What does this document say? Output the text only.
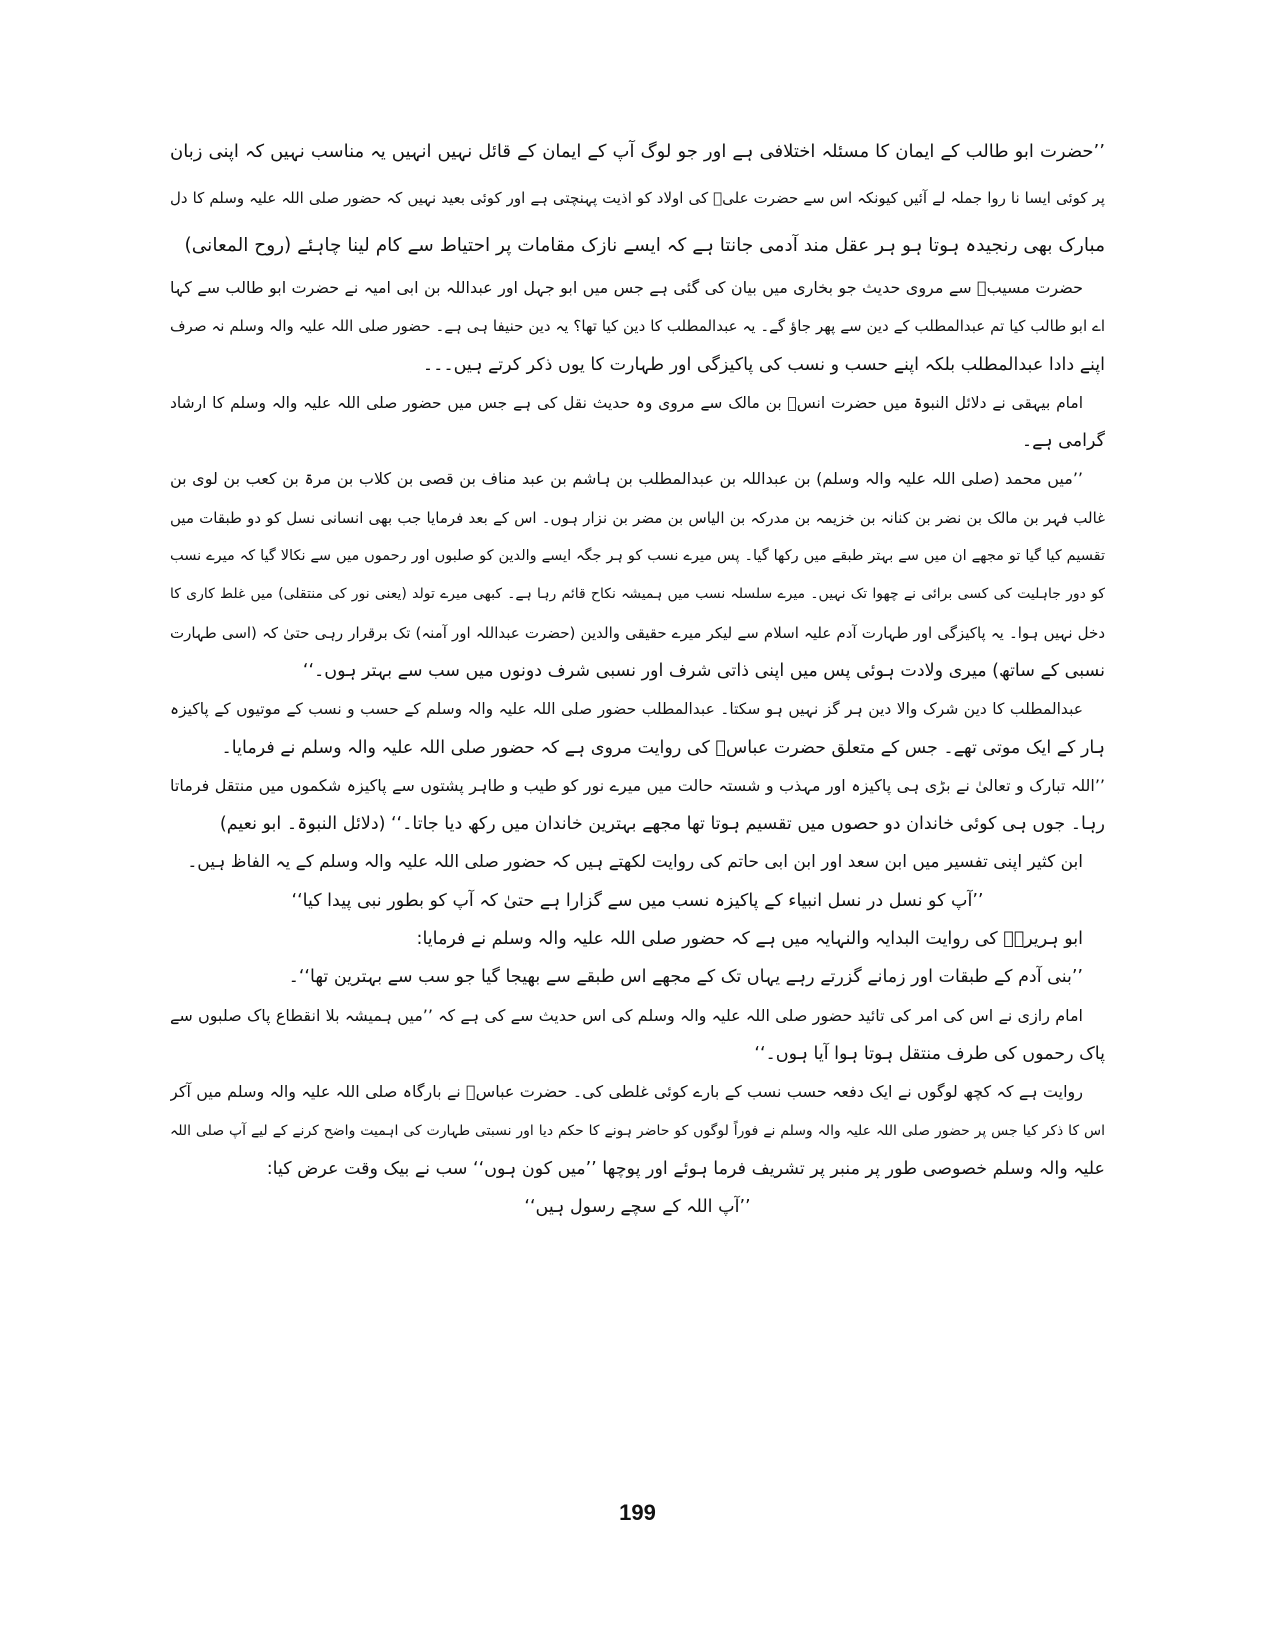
’’حضرت ابو طالب کے ایمان کا مسئلہ اختلافی ہے اور جو لوگ آپ کے ایمان کے قائل نہیں انہیں یہ مناسب نہیں کہ اپنی زبان
پر کوئی ایسا نا روا جملہ لے آئیں کیونکہ اس سے حضرت علیؓ کی اولاد کو اذیت پہنچتی ہے اور کوئی بعید نہیں کہ حضور صلی اللہ علیہ وسلم کا دل
مبارک بھی رنجیدہ ہوتا ہو ہر عقل مند آدمی جانتا ہے کہ ایسے نازک مقامات پر احتیاط سے کام لینا چاہئے (روح المعانی)
حضرت مسیبؓ سے مروی حدیث جو بخاری میں بیان کی گئی ہے جس میں ابو جہل اور عبداللہ بن ابی امیہ نے حضرت ابو طالب سے کہا
اے ابو طالب کیا تم عبدالمطلب کے دین سے پھر جاؤ گے۔ یہ عبدالمطلب کا دین کیا تھا؟ یہ دین حنیفا ہی ہے۔ حضور صلی اللہ علیہ والہ وسلم نہ صرف
اپنے دادا عبدالمطلب بلکہ اپنے حسب و نسب کی پاکیزگی اور طہارت کا یوں ذکر کرتے ہیں۔۔۔
امام بیہقی نے دلائل النبوۃ میں حضرت انسؓ بن مالک سے مروی وہ حدیث نقل کی ہے جس میں حضور صلی اللہ علیہ والہ وسلم کا ارشاد
گرامی ہے۔
’’میں محمد (صلی اللہ علیہ والہ وسلم) بن عبداللہ بن عبدالمطلب بن ہاشم بن عبد مناف بن قصی بن کلاب بن مرۃ بن کعب بن لوی بن
غالب فہر بن مالک بن نضر بن کنانہ بن خزیمہ بن مدرکہ بن الیاس بن مضر بن نزار ہوں۔ اس کے بعد فرمایا جب بھی انسانی نسل کو دو طبقات میں
تقسیم کیا گیا تو مجھے ان میں سے بہتر طبقے میں رکھا گیا۔ پس میرے نسب کو ہر جگہ ایسے والدین کو صلبوں اور رحموں میں سے نکالا گیا کہ میرے نسب
کو دور جاہلیت کی کسی برائی نے چھوا تک نہیں۔ میرے سلسلہ نسب میں ہمیشہ نکاح قائم رہا ہے۔ کبھی میرے تولد (یعنی نور کی منتقلی) میں غلط کاری کا
دخل نہیں ہوا۔ یہ پاکیزگی اور طہارت آدم علیہ اسلام سے لیکر میرے حقیقی والدین (حضرت عبداللہ اور آمنہ) تک برقرار رہی حتیٰ کہ (اسی طہارت
نسبی کے ساتھ) میری ولادت ہوئی پس میں اپنی ذاتی شرف اور نسبی شرف دونوں میں سب سے بہتر ہوں۔‘‘
عبدالمطلب کا دین شرک والا دین ہر گز نہیں ہو سکتا۔ عبدالمطلب حضور صلی اللہ علیہ والہ وسلم کے حسب و نسب کے موتیوں کے پاکیزہ
ہار کے ایک موتی تھے۔ جس کے متعلق حضرت عباسؓ کی روایت مروی ہے کہ حضور صلی اللہ علیہ والہ وسلم نے فرمایا۔
’’اللہ تبارک و تعالیٰ نے بڑی ہی پاکیزہ اور مہذب و شستہ حالت میں میرے نور کو طیب و طاہر پشتوں سے پاکیزہ شکموں میں منتقل فرماتا
رہا۔ جوں ہی کوئی خاندان دو حصوں میں تقسیم ہوتا تھا مجھے بہترین خاندان میں رکھ دیا جاتا۔‘‘ (دلائل النبوۃ۔ ابو نعیم)
ابن کثیر اپنی تفسیر میں ابن سعد اور ابن ابی حاتم کی روایت لکھتے ہیں کہ حضور صلی اللہ علیہ والہ وسلم کے یہ الفاظ ہیں۔
’’آپ کو نسل در نسل انبیاء کے پاکیزہ نسب میں سے گزارا ہے حتیٰ کہ آپ کو بطور نبی پیدا کیا‘‘
ابو ہریرہؓ کی روایت البدایہ والنہایہ میں ہے کہ حضور صلی اللہ علیہ والہ وسلم نے فرمایا:
’’بنی آدم کے طبقات اور زمانے گزرتے رہے یہاں تک کے مجھے اس طبقے سے بھیجا گیا جو سب سے بہترین تھا‘‘۔
امام رازی نے اس کی امر کی تائید حضور صلی اللہ علیہ والہ وسلم کی اس حدیث سے کی ہے کہ ’’میں ہمیشہ بلا انقطاع پاک صلبوں سے
پاک رحموں کی طرف منتقل ہوتا ہوا آیا ہوں۔‘‘
روایت ہے کہ کچھ لوگوں نے ایک دفعہ حسب نسب کے بارے کوئی غلطی کی۔ حضرت عباسؓ نے بارگاہ صلی اللہ علیہ والہ وسلم میں آکر
اس کا ذکر کیا جس پر حضور صلی اللہ علیہ والہ وسلم نے فوراً لوگوں کو حاضر ہونے کا حکم دیا اور نسبتی طہارت کی اہمیت واضح کرنے کے لیے آپ صلی اللہ
علیہ والہ وسلم خصوصی طور پر منبر پر تشریف فرما ہوئے اور پوچھا ’’میں کون ہوں‘‘ سب نے بیک وقت عرض کیا:
’’آپ اللہ کے سچے رسول ہیں‘‘
199
